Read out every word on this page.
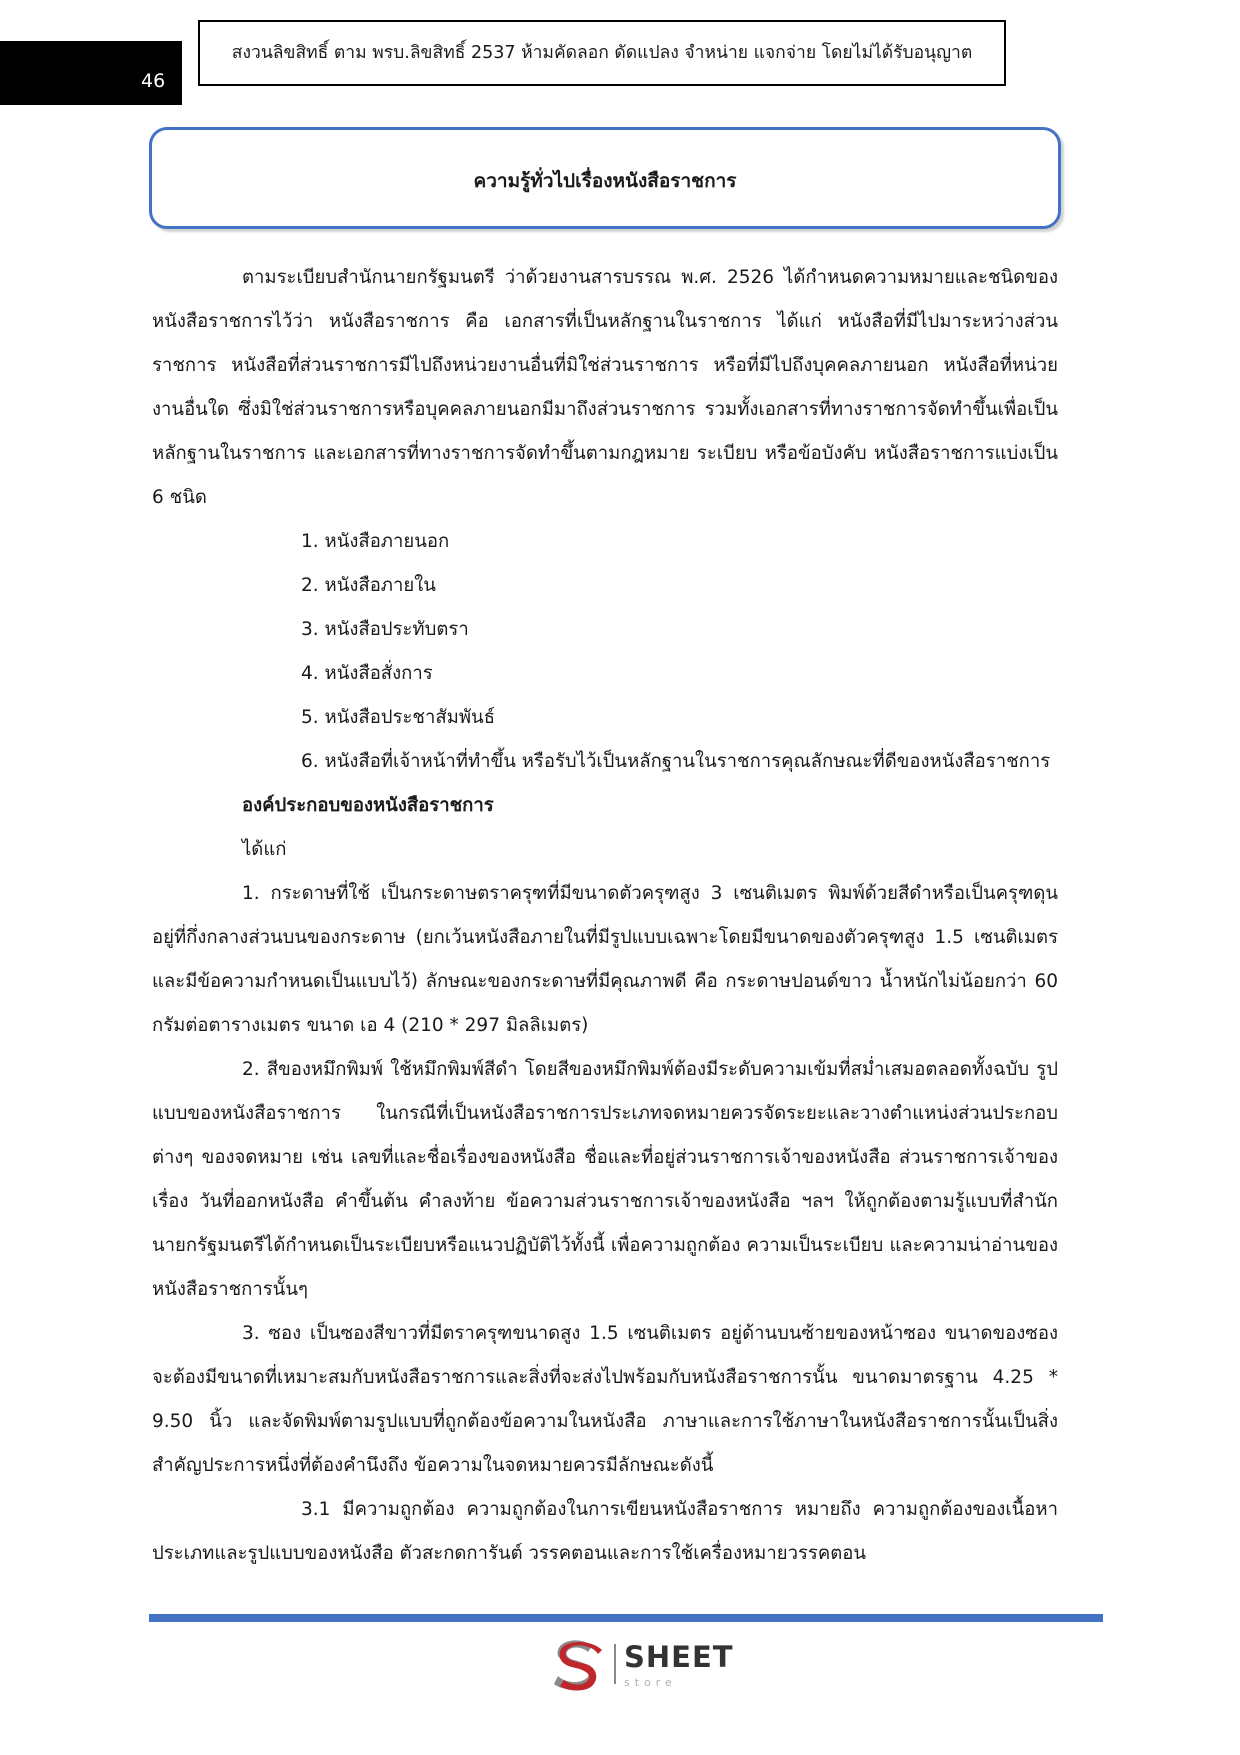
46
สงวนลิขสิทธิ์ ตาม พรบ.ลิขสิทธิ์ 2537 ห้ามคัดลอก ดัดแปลง จำหน่าย แจกจ่าย โดยไม่ได้รับอนุญาต
ความรู้ทั่วไปเรื่องหนังสือราชการ

ตามระเบียบสำนักนายกรัฐมนตรี ว่าด้วยงานสารบรรณ พ.ศ. 2526 ได้กำหนดความหมายและชนิดของหนังสือราชการไว้ว่า หนังสือราชการ คือ เอกสารที่เป็นหลักฐานในราชการ ได้แก่ หนังสือที่มีไปมาระหว่างส่วนราชการ หนังสือที่ส่วนราชการมีไปถึงหน่วยงานอื่นที่มิใช่ส่วนราชการ หรือที่มีไปถึงบุคคลภายนอก หนังสือที่หน่วยงานอื่นใด ซึ่งมิใช่ส่วนราชการหรือบุคคลภายนอกมีมาถึงส่วนราชการ รวมทั้งเอกสารที่ทางราชการจัดทำขึ้นเพื่อเป็นหลักฐานในราชการ และเอกสารที่ทางราชการจัดทำขึ้นตามกฎหมาย ระเบียบ หรือข้อบังคับ หนังสือราชการแบ่งเป็น 6 ชนิด

1. หนังสือภายนอก
2. หนังสือภายใน
3. หนังสือประทับตรา
4. หนังสือสั่งการ
5. หนังสือประชาสัมพันธ์

6. หนังสือที่เจ้าหน้าที่ทำขึ้น หรือรับไว้เป็นหลักฐานในราชการคุณลักษณะที่ดีของหนังสือราชการ

องค์ประกอบของหนังสือราชการ
ได้แก่

1. กระดาษที่ใช้ เป็นกระดาษตราครุฑที่มีขนาดตัวครุฑสูง 3 เซนติเมตร พิมพ์ด้วยสีดำหรือเป็นครุฑดุน อยู่ที่กึ่งกลางส่วนบนของกระดาษ (ยกเว้นหนังสือภายในที่มีรูปแบบเฉพาะโดยมีขนาดของตัวครุฑสูง 1.5 เซนติเมตร และมีข้อความกำหนดเป็นแบบไว้) ลักษณะของกระดาษที่มีคุณภาพดี คือ กระดาษปอนด์ขาว น้ำหนักไม่น้อยกว่า 60 กรัมต่อตารางเมตร ขนาด เอ 4 (210 * 297 มิลลิเมตร)

2. สีของหมึกพิมพ์ ใช้หมึกพิมพ์สีดำ โดยสีของหมึกพิมพ์ต้องมีระดับความเข้มที่สม่ำเสมอตลอดทั้งฉบับ รูปแบบของหนังสือราชการ ในกรณีที่เป็นหนังสือราชการประเภทจดหมายควรจัดระยะและวางตำแหน่งส่วนประกอบต่างๆ ของจดหมาย เช่น เลขที่และชื่อเรื่องของหนังสือ ชื่อและที่อยู่ส่วนราชการเจ้าของหนังสือ ส่วนราชการเจ้าของเรื่อง วันที่ออกหนังสือ คำขึ้นต้น คำลงท้าย ข้อความส่วนราชการเจ้าของหนังสือ ฯลฯ ให้ถูกต้องตามรู้แบบที่สำนักนายกรัฐมนตรีได้กำหนดเป็นระเบียบหรือแนวปฏิบัติไว้ทั้งนี้ เพื่อความถูกต้อง ความเป็นระเบียบ และความน่าอ่านของหนังสือราชการนั้นๆ

3. ซอง เป็นซองสีขาวที่มีตราครุฑขนาดสูง 1.5 เซนติเมตร อยู่ด้านบนซ้ายของหน้าซอง ขนาดของซองจะต้องมีขนาดที่เหมาะสมกับหนังสือราชการและสิ่งที่จะส่งไปพร้อมกับหนังสือราชการนั้น ขนาดมาตรฐาน 4.25 * 9.50 นิ้ว และจัดพิมพ์ตามรูปแบบที่ถูกต้องข้อความในหนังสือ ภาษาและการใช้ภาษาในหนังสือราชการนั้นเป็นสิ่งสำคัญประการหนึ่งที่ต้องคำนึงถึง ข้อความในจดหมายควรมีลักษณะดังนี้

3.1 มีความถูกต้อง ความถูกต้องในการเขียนหนังสือราชการ หมายถึง ความถูกต้องของเนื้อหา ประเภทและรูปแบบของหนังสือ ตัวสะกดการันต์ วรรคตอนและการใช้เครื่องหมายวรรคตอน

SHEET
store
